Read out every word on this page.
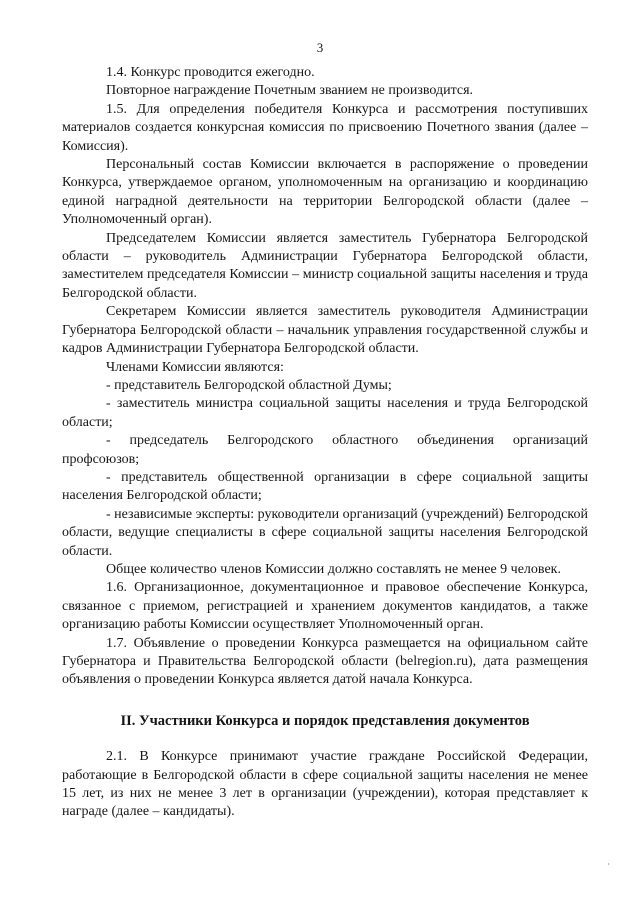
3

1.4. Конкурс проводится ежегодно.

Повторное награждение Почетным званием не производится.

1.5. Для определения победителя Конкурса и рассмотрения поступивших материалов создается конкурсная комиссия по присвоению Почетного звания (далее – Комиссия).

Персональный состав Комиссии включается в распоряжение о проведении Конкурса, утверждаемое органом, уполномоченным на организацию и координацию единой наградной деятельности на территории Белгородской области (далее – Уполномоченный орган).

Председателем Комиссии является заместитель Губернатора Белгородской области – руководитель Администрации Губернатора Белгородской области, заместителем председателя Комиссии – министр социальной защиты населения и труда Белгородской области.

Секретарем Комиссии является заместитель руководителя Администрации Губернатора Белгородской области – начальник управления государственной службы и кадров Администрации Губернатора Белгородской области.

Членами Комиссии являются:

- представитель Белгородской областной Думы;

- заместитель министра социальной защиты населения и труда Белгородской области;

- председатель Белгородского областного объединения организаций профсоюзов;

- представитель общественной организации в сфере социальной защиты населения Белгородской области;

- независимые эксперты: руководители организаций (учреждений) Белгородской области, ведущие специалисты в сфере социальной защиты населения Белгородской области.

Общее количество членов Комиссии должно составлять не менее 9 человек.

1.6. Организационное, документационное и правовое обеспечение Конкурса, связанное с приемом, регистрацией и хранением документов кандидатов, а также организацию работы Комиссии осуществляет Уполномоченный орган.

1.7. Объявление о проведении Конкурса размещается на официальном сайте Губернатора и Правительства Белгородской области (belregion.ru), дата размещения объявления о проведении Конкурса является датой начала Конкурса.

II. Участники Конкурса и порядок представления документов

2.1. В Конкурсе принимают участие граждане Российской Федерации, работающие в Белгородской области в сфере социальной защиты населения не менее 15 лет, из них не менее 3 лет в организации (учреждении), которая представляет к награде (далее – кандидаты).

·
